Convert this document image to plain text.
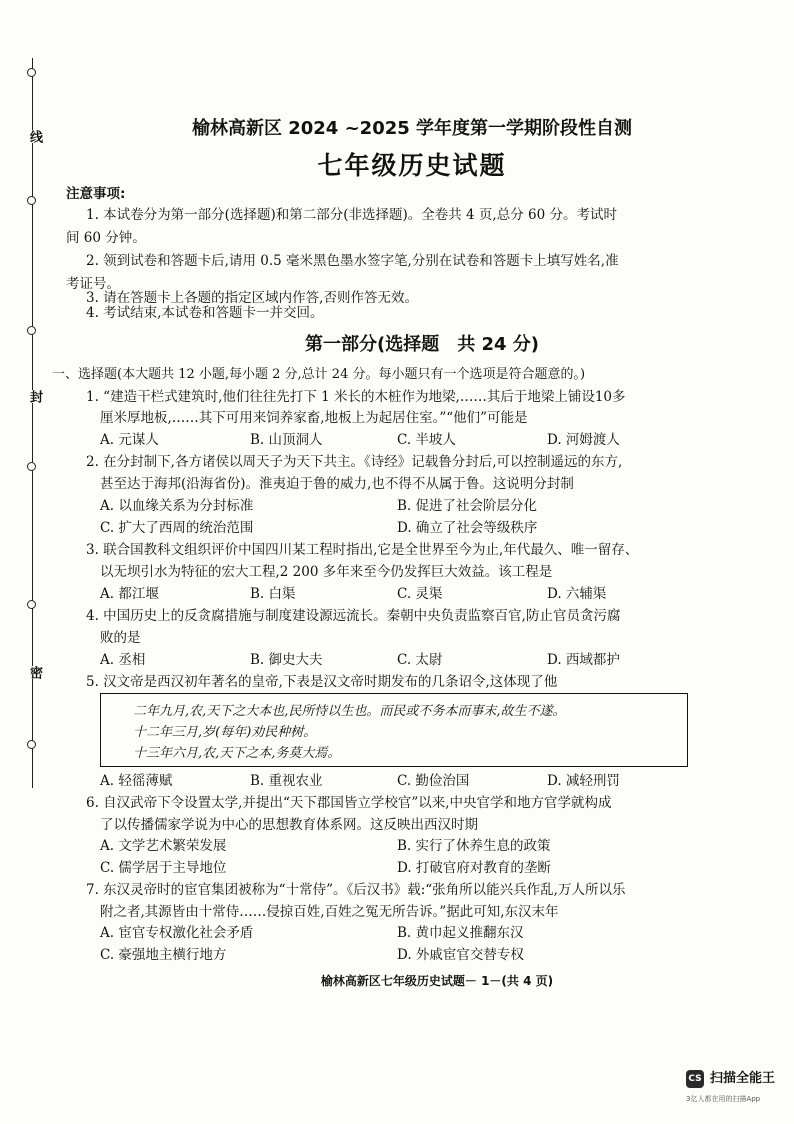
线
封
密
榆林高新区 2024 ~2025 学年度第一学期阶段性自测
七年级历史试题
注意事项:
1. 本试卷分为第一部分(选择题)和第二部分(非选择题)。全卷共 4 页,总分 60 分。考试时
间 60 分钟。
2. 领到试卷和答题卡后,请用 0.5 毫米黑色墨水签字笔,分别在试卷和答题卡上填写姓名,准
考证号。
3. 请在答题卡上各题的指定区域内作答,否则作答无效。
4. 考试结束,本试卷和答题卡一并交回。
第一部分(选择题　共 24 分)
一、选择题(本大题共 12 小题,每小题 2 分,总计 24 分。每小题只有一个选项是符合题意的。)
1. “建造干栏式建筑时,他们往往先打下 1 米长的木桩作为地梁,……其后于地梁上铺设10多
厘米厚地板,……其下可用来饲养家畜,地板上为起居住室。”“他们”可能是
A. 元谋人	B. 山顶洞人	C. 半坡人	D. 河姆渡人
2. 在分封制下,各方诸侯以周天子为天下共主。《诗经》记载鲁分封后,可以控制遥远的东方,
甚至达于海邦(沿海省份)。淮夷迫于鲁的威力,也不得不从属于鲁。这说明分封制
A. 以血缘关系为分封标准	B. 促进了社会阶层分化
C. 扩大了西周的统治范围	D. 确立了社会等级秩序
3. 联合国教科文组织评价中国四川某工程时指出,它是全世界至今为止,年代最久、唯一留存、
以无坝引水为特征的宏大工程,2 200 多年来至今仍发挥巨大效益。该工程是
A. 都江堰	B. 白渠	C. 灵渠	D. 六辅渠
4. 中国历史上的反贪腐措施与制度建设源远流长。秦朝中央负责监察百官,防止官员贪污腐
败的是
A. 丞相	B. 御史大夫	C. 太尉	D. 西域都护
5. 汉文帝是西汉初年著名的皇帝,下表是汉文帝时期发布的几条诏令,这体现了他
二年九月,农,天下之大本也,民所恃以生也。而民或不务本而事末,故生不遂。
十二年三月,岁(每年)劝民种树。
十三年六月,农,天下之本,务莫大焉。
A. 轻徭薄赋	B. 重视农业	C. 勤俭治国	D. 减轻刑罚
6. 自汉武帝下令设置太学,并提出“天下郡国皆立学校官”以来,中央官学和地方官学就构成
了以传播儒家学说为中心的思想教育体系网。这反映出西汉时期
A. 文学艺术繁荣发展	B. 实行了休养生息的政策
C. 儒学居于主导地位	D. 打破官府对教育的垄断
7. 东汉灵帝时的宦官集团被称为“十常侍”。《后汉书》载:“张角所以能兴兵作乱,万人所以乐
附之者,其源皆由十常侍……侵掠百姓,百姓之冤无所告诉。”据此可知,东汉末年
A. 宦官专权激化社会矛盾	B. 黄巾起义推翻东汉
C. 豪强地主横行地方	D. 外戚宦官交替专权
榆林高新区七年级历史试题－ 1－(共 4 页)
CS 扫描全能王
3亿人都在用的扫描App
